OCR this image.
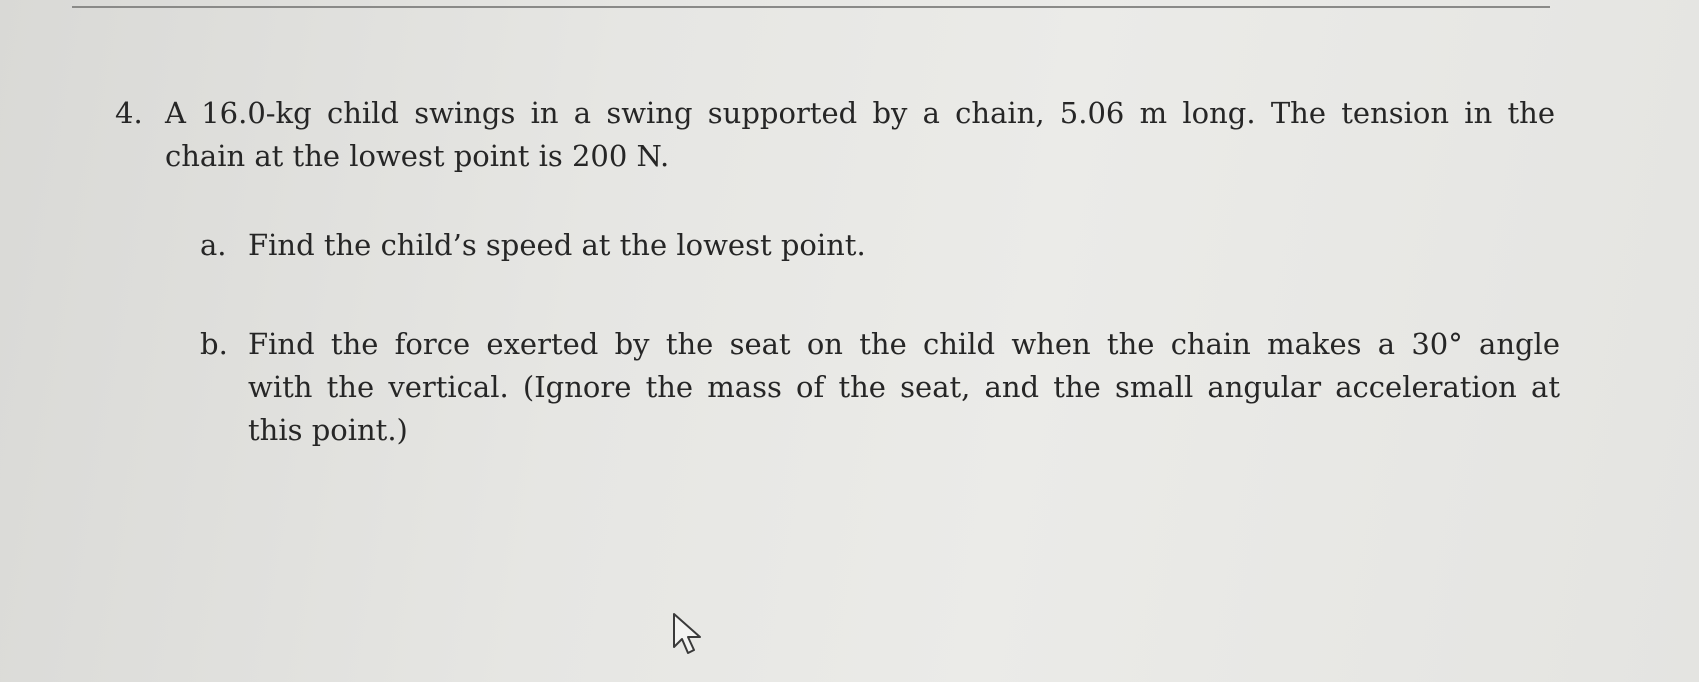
4. A 16.0-kg child swings in a swing supported by a chain, 5.06 m long. The tension in the
chain at the lowest point is 200 N.
a. Find the child’s speed at the lowest point.
b. Find the force exerted by the seat on the child when the chain makes a 30° angle
with the vertical. (Ignore the mass of the seat, and the small angular acceleration at
this point.)
